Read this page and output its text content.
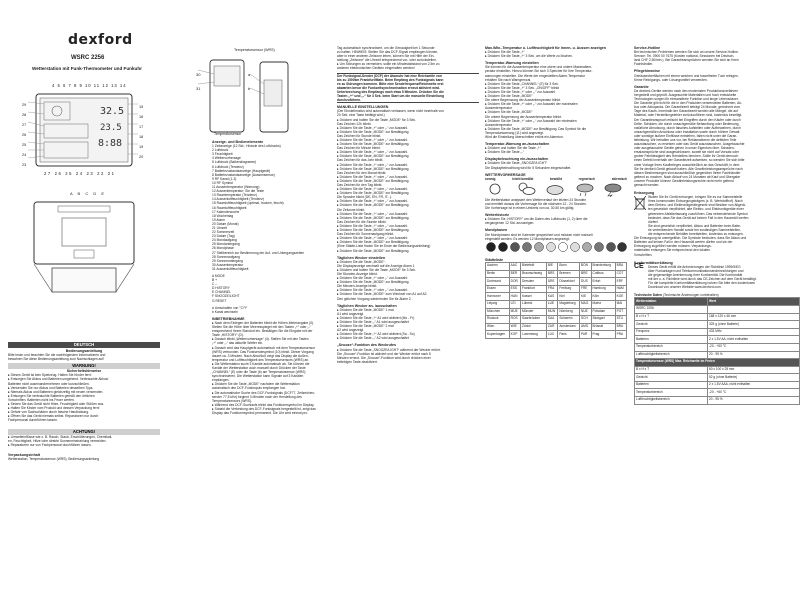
dexford
WSRC 2256
Wetterstation mit Funk-Thermometer und Funkuhr
4 5 6 7 8 9 10 11 12 13 14
32.5
23.5
8:88
29
28
27
26
25
24
23
15
16
17
18
19
20
27 26 25 24 23 22 21
A B C D E
DEUTSCH
Bedienungsanleitung
Bitte lesen und beachten Sie die nachfolgenden Informationen und
bewahren Sie diese Bedienungsanleitung zum Nachschlagen auf!
WARNUNG!
Sicherheitshinweise
▸ Dieses Gerät ist kein Spielzeug. Halten Sie Kinder fern!
▸ Entsorgen Sie Akkus und Batterien umgehend. Verbrauchte Akkus/
Batterien nicht auseinandernehmen oder kurzschließen.
▸ Verwenden Sie nur Akkus und Batterien desselben Typs.
▸ Niemals Akkus und Batterien gleichzeitig mit neuen verwenden.
▸ Entsorgen Sie verbrauchte Batterien gemäß den örtlichen
Vorschriften. Batterien nicht ins Feuer werfen.
▸ Setzen Sie das Gerät nicht Hitze, Feuchtigkeit oder Stößen aus.
▸ Halten Sie Kinder vom Produkt und dessen Verpackung fern!
▸ Gefahr von Sachschäden durch falsche Handhabung.
▸ Öffnen Sie das Gerät niemals selbst. Reparaturen nur durch
Fachpersonal durchführen lassen.
ACHTUNG!
▸ Umwelteinflüsse wie z. B. Rauch, Staub, Erschütterungen, Chemikali-
en, Feuchtigkeit, Hitze oder direkte Sonneneinstrahlung vermeiden.
▸ Reparaturen nur von Fachpersonal durchführen lassen.
Verpackungsinhalt
Wetterstation, Temperatursensor (WRS), Bedienungsanleitung
Temperatursensor (WRS)
30
31
a
b
Temperatursensor
Anzeige- und Bedienelemente
1 Zeitanzeige (12 Std.; Historie des Luftdrucks)
2 Luftdruck
3 Feuchtigkeit
4 Wettervorhersage
5 Luftdruck (Balkendiagramm)
6 Luftdruck (Tendenz)
7 Batteriezustandsanzeige (Hauptgerät)
8 Batteriezustandsanzeige (Aussensensor)
9 RF Kanal (1-3)
10 RF Symbol
11 Aussentemperatur (Warnung)
12 Aussentemperatur; Sie die Teste
13 Raumtemperatur (Tendenz)
14 Aussenluftfeuchtigkeit (Tendenz)
15 Raumluftfeuchtigkeit (optimal, trocken, feucht)
16 Raumluftfeuchtigkeit
17 Kalenderwoche
18 Wochentag
19 Alarm
20 Datum (Monat)
21 Uhrzeit
22 Sommerzeit
23 Datum (Tag)
24 Mondaufgang
25 Monduntergang
26 Mondphase
27 Stellbereich zur Bestimmung der Auf- und Untergangszeiten
28 Sonnenaufgang
29 Sonnenuntergang
30 Aussentemperatur
31 Aussenluftfeuchtigkeit
A MODE
B +
C –
D HISTORY
E CHANNEL
F SNOOZE/LIGHT
G RESET
a Umschalten von °C/°F
b Kanal wechseln
INBETRIEBNAHME
▸ Nach dem Einlegen der Batterien blinkt die Höhen-Meterangabe (0).
Stellen Sie die Höhe über Meeresspiegel mit den Tasten „+“ oder „-“
entsprechend Ihrem Standort ein. Bestätigen Sie die Eingabe mit der
Taste „HISTORY“ (D).
▸ Danach blinkt „Wettervorhersage“ (4). Stellen Sie mit den Tasten
„+“ oder „-“ das aktuelle Wetter ein.
▸ Danach wird das Hauptgerät automatisch mit dem Temperatursensor
(WRS) verbunden. Das Funksendesymbol (10) blinkt. Dieser Vorgang
dauert ca. 3 Minuten. Nach Abschluß zeigt das Display die Außen-
temperatur und Luftfeuchtigkeit des Temperatursensors (WRS) an.
▸ Die Wetterstation sucht 3 Kanäle automatisch ab. Sie können die
Kanäle der Wetterstation auch manuell durch Drücken der Taste
„CHANNEL“ (E) oder die Taste (b) am Temperatursensor (WRS)
synchronisieren. Die Wetterstation kann Signale auf 3 Kanälen
empfangen.
▸ Drücken Sie die Taste „MODE“ nachdem die Wetterstation
automatisch den DCF-Funkimpuls empfangen hat.
▸ Die automatische Suche des DCF-Funksignals (DCF77, Zeitzeichen-
sender 77,5 kHz) beginnt 3 Minuten nach der Herstellung des
Temperatursensors (WRS).
▸ Während des DCF-Suchlaufs blinkt das Funkturmsymbol im Display.
▸ Sobald die Verbindung des DCF-Funksignals hergestellt ist, zeigt das
Display das Funkturmsymbol permanent. Die Uhr wird einmal pro
Tag automatisch synchronisiert, um die Genauigkeit bei 1 Sekunde
zu halten. HINWEIS: Stellen Sie das DCF-Signal empfangen können,
aber in einer anderen Zeitzone leben, können Sie mit Hilfe der Ein-
stellung „Zeitzone“ die Uhrzeit entsprechend vor- oder zurückstellen.
▸ Um Störungen zu vermeiden, sollte ein Mindestabstand von 2,5m zu
anderen elektronischen Geräten eingehalten werden!
Der Funksignal-Sender (DCF) der Atomuhr hat eine Reichweite von
bis zu 1500km Frankfurt/Main. Beim Empfang des Funksignals kann
es zu Störungen kommen. Bitte eine Sendefrequenz/Reichweite erst
abwarten bevor die Funkzeitsynchronisation erneut aktiviert wird.
Unterbrechung des Empfangs nach etwa 5 Minuten. Drücken Sie die
Tasten „+“ und „-“ für 3 Sek. beim Start um die manuelle Einstellung
durchzuführen.
MANUELLE EINSTELLUNGEN
(Der Einstellmodus wird automatisch verlassen, wenn nicht innerhalb von
20 Sek. eine Taste betätigt wird.)
▸ Drücken und halten Sie die Taste „MODE“ für 3 Sek.
Das Zeichen 12h blinkt.
▸ Drücken Sie die Taste „+“ oder „-“ zur Auswahl.
▸ Drücken Sie die Taste „MODE“ zur Bestätigung.
Das Zeichen für Stunde blinkt.
▸ Drücken Sie die Taste „+“ oder „-“ zur Auswahl.
▸ Drücken Sie die Taste „MODE“ zur Bestätigung.
Das Zeichen für Minute blinkt.
▸ Drücken Sie die Taste „+“ oder „-“ zur Auswahl.
▸ Drücken Sie die Taste „MODE“ zur Bestätigung.
Das Zeichen für das Jahr blinkt.
▸ Drücken Sie die Taste „+“ oder „-“ zur Auswahl.
▸ Drücken Sie die Taste „MODE“ zur Bestätigung.
Das Zeichen für den Monat blinkt.
▸ Drücken Sie die Taste „+“ oder „-“ zur Auswahl.
▸ Drücken Sie die Taste „MODE“ zur Bestätigung.
Das Zeichen für den Tag blinkt.
▸ Drücken Sie die Taste „+“ oder „-“ zur Auswahl.
▸ Drücken Sie die Taste „MODE“ zur Bestätigung.
Die Sprache blinkt (DE, EN, FR, IT...).
▸ Drücken Sie die Taste „+“ oder „-“ zur Auswahl.
▸ Drücken Sie die Taste „MODE“ zur Bestätigung.
Die Zeitzone blinkt.
▸ Drücken Sie die Taste „+“ oder „-“ zur Auswahl.
▸ Drücken Sie die Taste „MODE“ zur Bestätigung.
Das Zeichen für die Stunde blinkt.
▸ Drücken Sie die Taste „+“ oder „-“ zur Auswahl.
▸ Drücken Sie die Taste „MODE“ zur Bestätigung.
Das Zeichen für Sonnenaufgang blinkt.
▸ Drücken Sie die Taste „+“ oder „-“ zur Auswahl.
▸ Drücken Sie die Taste „MODE“ zur Bestätigung.
(Eine Städte-Liste finden Sie im Ende der Bedienungsanleitung)
▸ Drücken Sie die Taste „MODE“ zur Bestätigung.
Täglichen Wecker einstellen
▸ Drücken Sie die Taste „MODE“.
Die Displayanzeige wechselt auf die Anzeige Alarm 1
▸ Drücken und halten Sie die Taste „MODE“ für 3 Sek.
Die Stunden-Anzeige blinkt.
▸ Drücken Sie die Taste „+“ oder „-“ zur Auswahl.
▸ Drücken Sie die Taste „MODE“ zur Bestätigung.
Die Minuten-Anzeige blinkt.
▸ Drücken Sie die Taste „+“ oder „-“ zur Auswahl.
▸ Drücken Sie die Taste „MODE“ zum Wechsel von A1 auf A2.
Den gleichen Vorgang wiederholen Sie für Alarm 2.
Täglichen Wecker an- /ausschalten
▸ Drücken Sie die Taste „MODE“ 1 mal
A1 wird angezeigt
▸ Drücken Sie die Taste „+“ A1 wird aktiviert (Mo - Fr)
▸ Drücken Sie die Taste „-“ A1 wird ausgeschaltet
▸ Drücken Sie die Taste „MODE“ 2 mal
A2 wird angezeigt
▸ Drücken Sie die Taste „+“ A2 wird aktiviert (Sa - So)
▸ Drücken Sie die Taste „-“ A2 wird ausgeschaltet
„Snooze“-Funktion des Weckrufes
▸ Drücken Sie die Taste „SNOOZE/LIGHT“ während der Wecker ertönt.
Die „Snooze“-Funktion ist aktiviert und der Wecker ertönt nach 5
Minuten erneut. Die „Snooze“-Funktion wird durch drücken einer
beliebigen Taste deaktiviert.
Max./Min.-Temperatur u. Luftfeuchtigkeit für Innen- u. Aussen anzeigen
▸ Drücken Sie die Taste „+“
▸ Drücken Sie die Taste „+“ 3 Sek. um die Werte zu löschen.
Temperatur-Warnung einstellen
Sie können für die Aussentemperatur eine obere und untere Maximaltem-
peratur einstellen. Hierzu können Sie sich 3 Speicher für Ihre Temperatur-
warnungen einstellen. Die Werte der eingestellten Alarm-Temperatur
erhalten Sie nach Warngrenzal.
▸ Drücken Sie die Taste „CHANNEL“ (E) für 3 Sek.
▸ Drücken Sie die Taste „+“ 3 Sek. „ON/OFF“ blinkt
▸ Drücken Sie die Taste „+“ oder „-“ zur Auswahl
▸ Drücken Sie die Taste „MODE“
Die obere Begrenzung der Aussentemperatur blinkt.
▸ Drücken Sie die Taste „+“ oder „-“ zur Auswahl der maximalen
Aussentemperatur
▸ Drücken Sie die Taste „MODE“
Die untere Begrenzung der Aussentemperatur blinkt.
▸ Drücken Sie die Taste „+“ oder „-“ zur Auswahl der minimalen
Aussentemperatur
▸ Drücken Sie die Taste „MODE“ zur Bestätigung. Das Symbol für die
Temperaturwarnung (11) wird angezeigt.
Wird die Einstellung überschritten ertönt ein Alarmton.
Temperatur-Warnung an-/ausschalten
▸ Drücken und halten Sie die Taste „+“
▸ Drücken Sie die Taste „-“
Displaybeleuchtung ein-/ausschalten
▸ Drücken Sie die Taste „SNOOZE/LIGHT“
Die Displaybeleuchtung wird für 5 Sekunden eingeschaltet.
WETTERVORHERSAGE
sonnig	leicht bewölkt	bewölkt	regnerisch	stürmisch
Die Wetterstation analysiert den Wetterverlauf der letzten 24 Stunden
und ermittelt daraus die Vorhersage für die nächsten 12 - 24 Stunden.
Die Vorhersage ist in einem Umkreis von ca. 30-50 km gültig.
Wetterhistorie
▸ Drücken Sie „HISTORY“ um die Daten des Luftdrucks (1, 2) über die
vergangenen 12 Std. anzuzeigen.
Mondphasen
Die Mondphasen sind im Kalender gespeichert und müssen nicht manuell
eingestellt werden. Es werden 12 Mondphasen angezeigt:
Städteliste
Aachen	AAC	Bielefeld	BIE	Bonn	BON	Brandenburg	BRA
Berlin	BER	Braunschweig	BRS	Bremen	BRE	Cottbus	COT
Dortmund	DOR	Dresden	DRE	Düsseldorf	DUS	Erfurt	ERF
Essen	ESS	Frankfurt	FRA	Freiburg	FRE	Hamburg	HAM
Hannover	HAN	Kassel	KAS	Kiel	KIE	Köln	KOE
Leipzig	LEI	Lübeck	LUE	Magdeburg	MAG	Mainz	MAI
München	MUE	Münster	MUN	Nürnberg	NUE	Potsdam	POT
Rostock	ROS	Saarbrücken	SAA	Schwerin	SCH	Stuttgart	STU
Wien	WIE	Zürich	ZUR	Amsterdam	AMS	Brüssel	BRU
Kopenhagen	KOP	Luxemburg	LUX	Paris	PAR	Prag	PRA
Service-Hotline
Bei technischen Problemen wenden Sie sich an unsere Service-Hotline.
Service: Tel. 0900 00 7675 (Kosten national, Sessionen bei Deutsch-
land CHF 2,50/min.). Bei Garantieansprüchen wenden Sie sich an Ihren
Fachhändler.
Pflegehinweise
Gehäuseoberflächen mit einem weichen und fusselfreien Tuch reinigen.
Keine Reinigungs- oder Lösungsmittel verwenden.
Garantie
Da dexford-Geräte werden nach den modernsten Produktionsverfahren
hergestellt und geprüft. Ausgesuchte Materialien und hoch entwickelte
Technologien sorgen für einwandfreie Funktion und lange Lebensdauer.
Die Garantie gilt nicht für die in den Produkten verwendeten Batterien, Ak-
kus oder Akkupacks. Die Garantiezeit beträgt 24 Monate, gerechnet vom
Tage des Kaufs. Innerhalb der Garantiezeit werden alle Mängel, die auf
Material- oder Herstellungsfehler zurückzuführen sind, kostenlos beseitigt.
Der Garantieanspruch erlischt bei Eingriffen durch den Käufer oder durch
Dritte. Schäden, die durch unsachgemäße Behandlung oder Bedienung,
natürliche Abnutzung, durch falsches Aufstellen oder Aufbewahren, durch
unsachgemäßen Anschluss oder Installation sowie durch höhere Gewalt
oder sonstige äußere Einflüsse entstehen, fallen nicht unter die Garan-
tieleistung. Wir behalten uns vor, bei Reklamationen die defekten Teile
auszutauschen, zu ersetzen oder das Gerät auszutauschen. Ausgetauschte
oder ausgetauschte Geräte gehen in unser Eigentum über. Schaden-
ersatzansprüche sind ausgeschlossen, soweit sie nicht auf Vorsatz oder
grober Fahrlässigkeit des Herstellers beruhen. Sollte Ihr Gerät dennoch
einen Defekt innerhalb der Garantiezeit aufweisen, so wenden Sie sich bitte
unter Vorlage Ihres Kaufbeleges ausschließlich an das Geschäft, in dem
Sie Ihr dexford-Gerät gekauft haben. Alle Gewährleistungsansprüche nach
diesen Bestimmungen sind ausschließlich gegenüber Ihrem Fachhändler
geltend zu machen. Nach Ablauf von 24 Monaten ab Kauf und Übergabe
unserer Produkte können Gewährleistungsrechte nicht mehr geltend
gemacht werden.
Entsorgung
Wollen Sie Ihr Gerät entsorgen, bringen Sie es zur Sammelstelle
Ihres kommunalen Entsorgungsträgers (z. B. Wertstoffhof). Nach
dem Elektro- und Elektronikgerätegesetz sind Besitzer von Altgerä-
ten gesetzlich verpflichtet, alte Elektro- und Elektronikgeräte einer
getrennten Abfallerfassung zuzuführen. Das nebenstehende Symbol
bedeutet, dass Sie das Gerät auf keinen Fall in den Hausmüll werfen
dürfen!
Sie sind gesetzlich verpflichtet, Akkus und Batterien beim Batte-
rie vertreibenden Handel sowie bei zuständigen Sammelstellen,
die entsprechende Behälter bereitstellen, kostenlos zu entsorgen.
Die Entsorgung ist unentgeltlich. Die Symbole bedeuten, dass Sie Akkus und
Batterien auf keinen Fall in den Hausmüll werfen dürfen und sie der
Entsorgung zugeführt werden müssen. Verpackungs-
materialien entsorgen Sie entsprechend den lokalen
Vorschriften.
Konformitätserklärung
CE Dieses Gerät erfüllt die Anforderungen der Richtlinie 1999/5/EG
über Funkanlagen und Telekommunikationsendeinrichtungen und
die gegenseitige Anerkennung ihrer Konformität. Die Konformität
mit der o. a. Richtlinie wird durch das CE-Zeichen auf dem Gerät bestätigt.
Für die komplette Konformitätserklärung nutzen Sie bitte den kostenlosen
Download von unserer Website www.dexford.com.
Technische Daten (Technische Änderungen vorbehalten)
Wetterstation	Wert
WSRC 2256	
B x H x T	168 x 120 x 46 mm
Gewicht	325 g (ohne Batterie)
Frequenz	433 MHz
Batterien	2 x 1,5V AA, nicht enthalten
Temperaturbereich	-20 - +50 °C
Luftfeuchtigkeitsbereich	20 - 95 %
Temperatursensor (WRS) Max. Reichweite im Freien	
B x H x T	60 x 100 x 25 mm
Gewicht	52 g (ohne Batterie)
Batterien	2 x 1,5V AAA, nicht enthalten
Temperaturbereich	-20 - +60 °C
Luftfeuchtigkeitsbereich	20 - 95 %
